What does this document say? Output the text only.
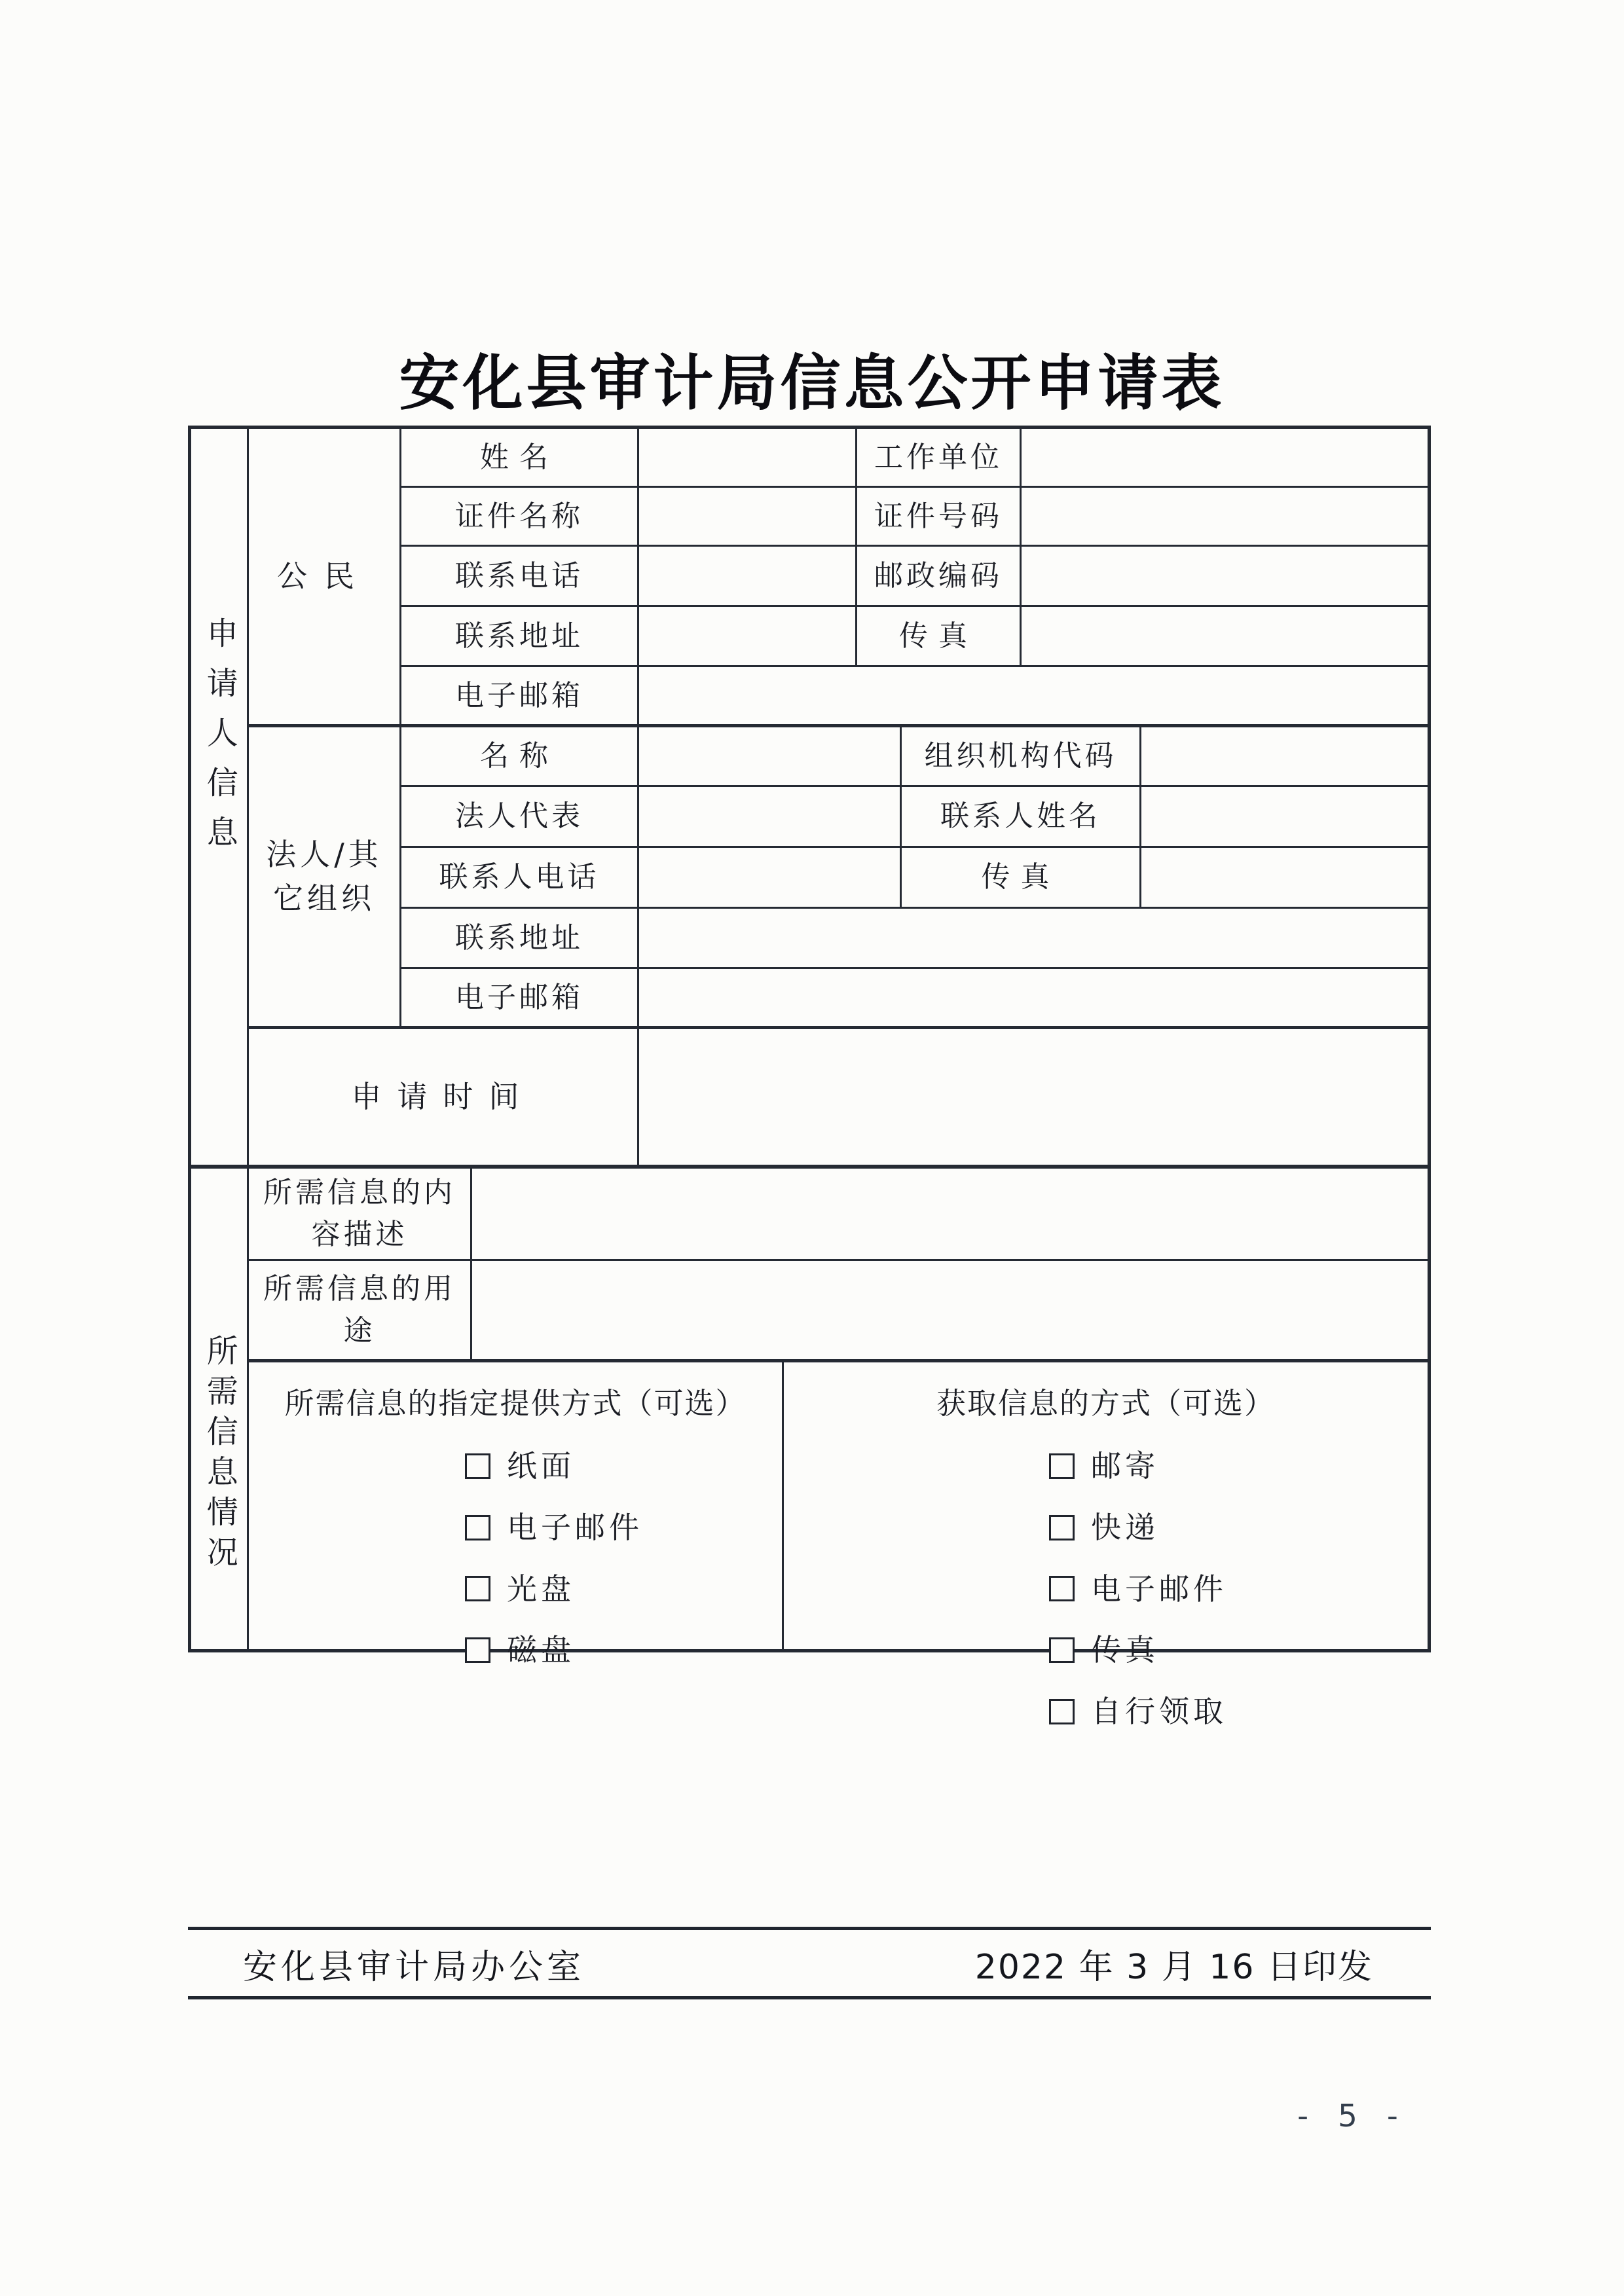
安化县审计局信息公开申请表
申请人信息
公民
姓名	工作单位
证件名称	证件号码
联系电话	邮政编码
联系地址	传真
电子邮箱
法人/其它组织
名称	组织机构代码
法人代表	联系人姓名
联系人电话	传真
联系地址
电子邮箱
申请时间
所需信息情况
所需信息的内容描述
所需信息的用途
所需信息的指定提供方式（可选）
纸面
电子邮件
光盘
磁盘
获取信息的方式（可选）
邮寄
快递
电子邮件
传真
自行领取
安化县审计局办公室	2022 年 3 月 16 日印发
- 5 -
